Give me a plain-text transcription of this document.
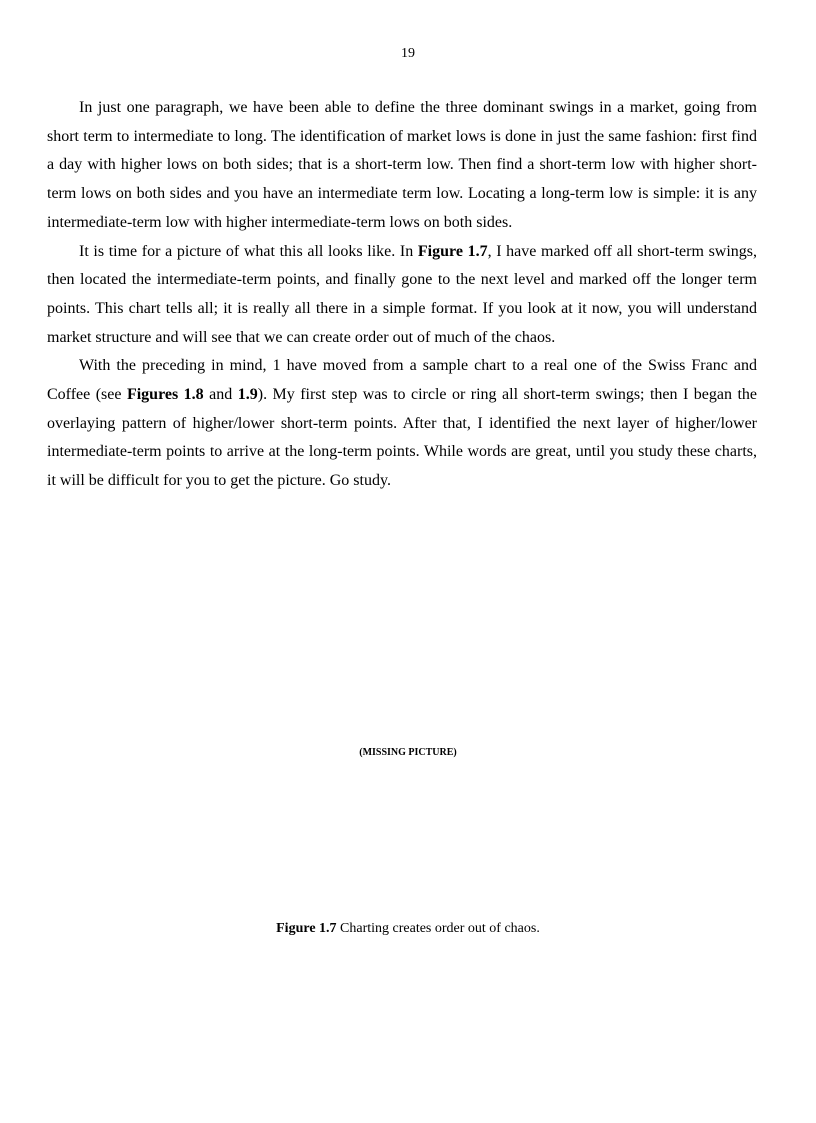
19

In just one paragraph, we have been able to define the three dominant swings in a market, going from short term to intermediate to long. The identification of market lows is done in just the same fashion: first find a day with higher lows on both sides; that is a short-term low. Then find a short-term low with higher short-term lows on both sides and you have an intermediate term low. Locating a long-term low is simple: it is any intermediate-term low with higher intermediate-term lows on both sides.

It is time for a picture of what this all looks like. In Figure 1.7, I have marked off all short-term swings, then located the intermediate-term points, and finally gone to the next level and marked off the longer term points. This chart tells all; it is really all there in a simple format. If you look at it now, you will understand market structure and will see that we can create order out of much of the chaos.

With the preceding in mind, 1 have moved from a sample chart to a real one of the Swiss Franc and Coffee (see Figures 1.8 and 1.9). My first step was to circle or ring all short-term swings; then I began the overlaying pattern of higher/lower short-term points. After that, I identified the next layer of higher/lower intermediate-term points to arrive at the long-term points. While words are great, until you study these charts, it will be difficult for you to get the picture. Go study.

(MISSING PICTURE)
Figure 1.7 Charting creates order out of chaos.
